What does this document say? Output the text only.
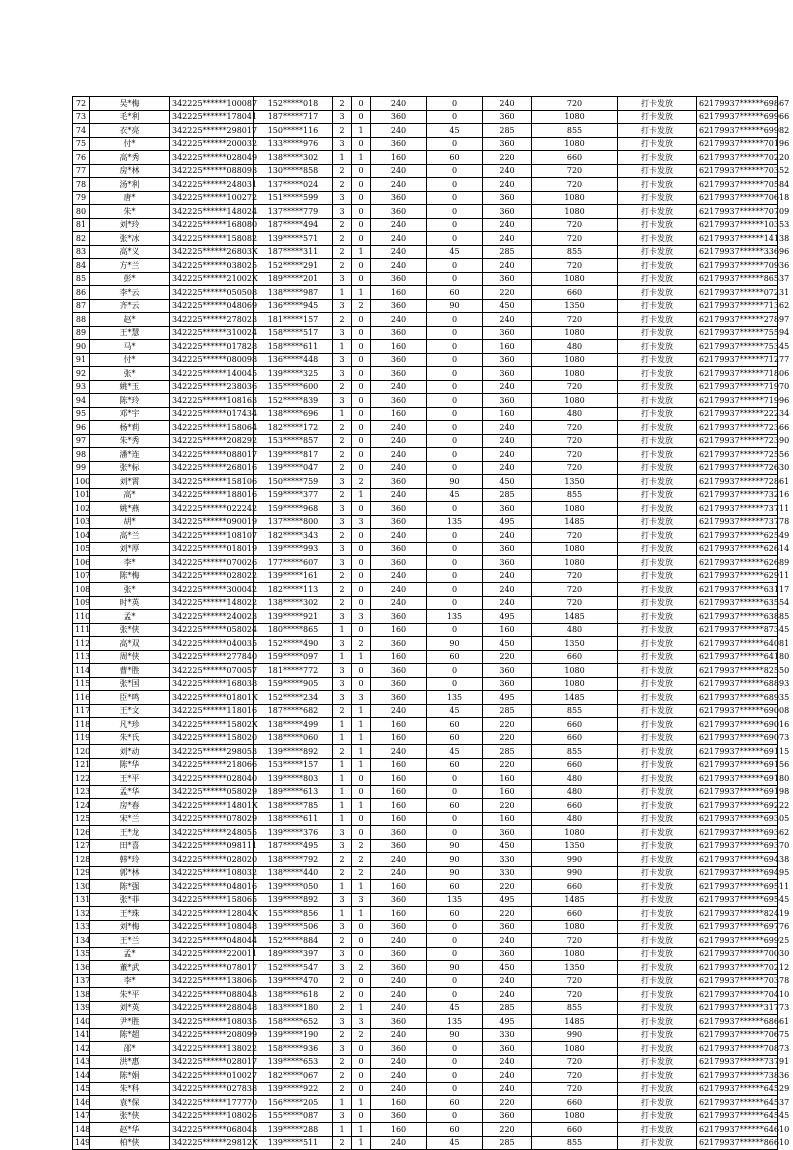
72	吴*梅	342225******100087	152*****018	2	0	240	0	240	720	打卡发放	62179937******69867
73	毛*利	342225******178041	187*****717	3	0	360	0	360	1080	打卡发放	62179937******69966
74	衣*亮	342225******298017	150*****116	2	1	240	45	285	855	打卡发放	62179937******69982
75	付*	342225******200032	133*****976	3	0	360	0	360	1080	打卡发放	62179937******70196
76	高*秀	342225******028049	138*****302	1	1	160	60	220	660	打卡发放	62179937******70220
77	房*林	342225******088093	130*****858	2	0	240	0	240	720	打卡发放	62179937******70352
78	汤*利	342225******248031	137*****024	2	0	240	0	240	720	打卡发放	62179937******70584
79	唐*	342225******100272	151*****599	3	0	360	0	360	1080	打卡发放	62179937******70618
80	朱*	342225******148024	137*****779	3	0	360	0	360	1080	打卡发放	62179937******70709
81	刘*玲	342225******168080	187*****494	2	0	240	0	240	720	打卡发放	62179937******10353
82	张*冰	342225******158082	139*****571	2	0	240	0	240	720	打卡发放	62179937******14138
83	高*义	342225******26803X	187*****311	2	1	240	45	285	855	打卡发放	62179937******33696
84	方*兰	342225******038025	152*****291	2	0	240	0	240	720	打卡发放	62179937******70936
85	彭*	342225******21002X	189*****201	3	0	360	0	360	1080	打卡发放	62179937******86537
86	李*云	342225******050508	138*****987	1	1	160	60	220	660	打卡发放	62179937******07231
87	齐*云	342225******048069	136*****945	3	2	360	90	450	1350	打卡发放	62179937******71362
88	赵*	342225******278023	181*****157	2	0	240	0	240	720	打卡发放	62179937******27897
89	王*慧	342225******310024	158*****517	3	0	360	0	360	1080	打卡发放	62179937******75594
90	马*	342225******017828	158*****611	1	0	160	0	160	480	打卡发放	62179937******75345
91	付*	342225******080098	136*****448	3	0	360	0	360	1080	打卡发放	62179937******71277
92	张*	342225******140045	139*****325	3	0	360	0	360	1080	打卡发放	62179937******71806
93	姚*玉	342225******238036	135*****600	2	0	240	0	240	720	打卡发放	62179937******71970
94	陈*玲	342225******108163	152*****839	3	0	360	0	360	1080	打卡发放	62179937******71996
95	邓*宇	342225******017434	138*****696	1	0	160	0	160	480	打卡发放	62179937******22234
96	杨*莉	342225******158064	182*****172	2	0	240	0	240	720	打卡发放	62179937******72366
97	朱*秀	342225******208292	153*****857	2	0	240	0	240	720	打卡发放	62179937******72390
98	潘*连	342225******088017	139*****817	2	0	240	0	240	720	打卡发放	62179937******72556
99	张*标	342225******268016	139*****047	2	0	240	0	240	720	打卡发放	62179937******72630
100	刘*霄	342225******158106	150*****759	3	2	360	90	450	1350	打卡发放	62179937******72861
101	高*	342225******188016	159*****377	2	1	240	45	285	855	打卡发放	62179937******73216
102	姚*燕	342225******022242	159*****968	3	0	360	0	360	1080	打卡发放	62179937******73711
103	胡*	342225******090019	137*****800	3	3	360	135	495	1485	打卡发放	62179937******73778
104	高*兰	342225******108107	182*****343	2	0	240	0	240	720	打卡发放	62179937******62549
105	刘*厚	342225******018019	139*****993	3	0	360	0	360	1080	打卡发放	62179937******62614
106	李*	342225******070026	177*****607	3	0	360	0	360	1080	打卡发放	62179937******62689
107	陈*梅	342225******028022	139*****161	2	0	240	0	240	720	打卡发放	62179937******62911
108	张*	342225******300042	182*****113	2	0	240	0	240	720	打卡发放	62179937******63117
109	时*英	342225******148022	138*****302	2	0	240	0	240	720	打卡发放	62179937******63554
110	孟*	342225******240023	139*****921	3	3	360	135	495	1485	打卡发放	62179937******63885
111	张*侠	342225******058024	180*****865	1	0	160	0	160	480	打卡发放	62179937******87345
112	高*双	342225******040035	152*****490	3	2	360	90	450	1350	打卡发放	62179937******64081
113	周*侠	342225******277840	159*****097	1	1	160	60	220	660	打卡发放	62179937******64180
114	曹*胜	342225******070057	181*****772	3	0	360	0	360	1080	打卡发放	62179937******82550
115	张*国	342225******168038	159*****905	3	0	360	0	360	1080	打卡发放	62179937******68893
116	臣*鸣	342225******01801X	152*****234	3	3	360	135	495	1485	打卡发放	62179937******68935
117	王*文	342225******118016	187*****682	2	1	240	45	285	855	打卡发放	62179937******69008
118	凡*珍	342225******15802X	138*****499	1	1	160	60	220	660	打卡发放	62179937******69016
119	朱*氏	342225******158020	138*****060	1	1	160	60	220	660	打卡发放	62179937******69073
120	刘*动	342225******298053	139*****892	2	1	240	45	285	855	打卡发放	62179937******69115
121	陈*华	342225******218066	153*****157	1	1	160	60	220	660	打卡发放	62179937******69156
122	王*平	342225******028040	139*****803	1	0	160	0	160	480	打卡发放	62179937******69180
123	孟*华	342225******058029	189*****613	1	0	160	0	160	480	打卡发放	62179937******69198
124	房*春	342225******14801X	138*****785	1	1	160	60	220	660	打卡发放	62179937******69222
125	宋*兰	342225******078029	138*****611	1	0	160	0	160	480	打卡发放	62179937******69305
126	王*龙	342225******248055	139*****376	3	0	360	0	360	1080	打卡发放	62179937******69362
127	田*喜	342225******098111	187*****495	3	2	360	90	450	1350	打卡发放	62179937******69370
128	韩*玲	342225******028020	138*****792	2	2	240	90	330	990	打卡发放	62179937******69438
129	郭*林	342225******108032	138*****440	2	2	240	90	330	990	打卡发放	62179937******69495
130	陈*强	342225******048016	139*****050	1	1	160	60	220	660	打卡发放	62179937******69511
131	张*菲	342225******158065	139*****892	3	3	360	135	495	1485	打卡发放	62179937******69545
132	王*珠	342225******12804X	155*****856	1	1	160	60	220	660	打卡发放	62179937******82419
133	刘*梅	342225******108048	139*****506	3	0	360	0	360	1080	打卡发放	62179937******69776
134	王*兰	342225******048044	152*****884	2	0	240	0	240	720	打卡发放	62179937******69925
135	孟*	342225******220011	189*****397	3	0	360	0	360	1080	打卡发放	62179937******70030
136	董*武	342225******078017	152*****547	3	2	360	90	450	1350	打卡发放	62179937******70212
137	李*	342225******138065	139*****470	2	0	240	0	240	720	打卡发放	62179937******70378
138	朱*平	342225******088043	138*****618	2	0	240	0	240	720	打卡发放	62179937******70410
139	刘*英	342225******288048	183*****180	2	1	240	45	285	855	打卡发放	62179937******31773
140	尹*胜	342225******108035	158*****652	3	3	360	135	495	1485	打卡发放	62179937******68661
141	陈*超	342225******208099	139*****190	2	2	240	90	330	990	打卡发放	62179937******70675
142	邵*	342225******138022	158*****936	3	0	360	0	360	1080	打卡发放	62179937******70873
143	洪*惠	342225******028017	139*****653	2	0	240	0	240	720	打卡发放	62179937******73791
144	陈*娟	342225******010027	182*****067	2	0	240	0	240	720	打卡发放	62179937******73836
145	朱*科	342225******027838	139*****922	2	0	240	0	240	720	打卡发放	62179937******64529
146	袁*保	342225******177770	156*****205	1	1	160	60	220	660	打卡发放	62179937******64537
147	张*侠	342225******108026	155*****087	3	0	360	0	360	1080	打卡发放	62179937******64545
148	赵*华	342225******068043	139*****288	1	1	160	60	220	660	打卡发放	62179937******64610
149	柏*侠	342225******29812X	139*****511	2	1	240	45	285	855	打卡发放	62179937******86610
